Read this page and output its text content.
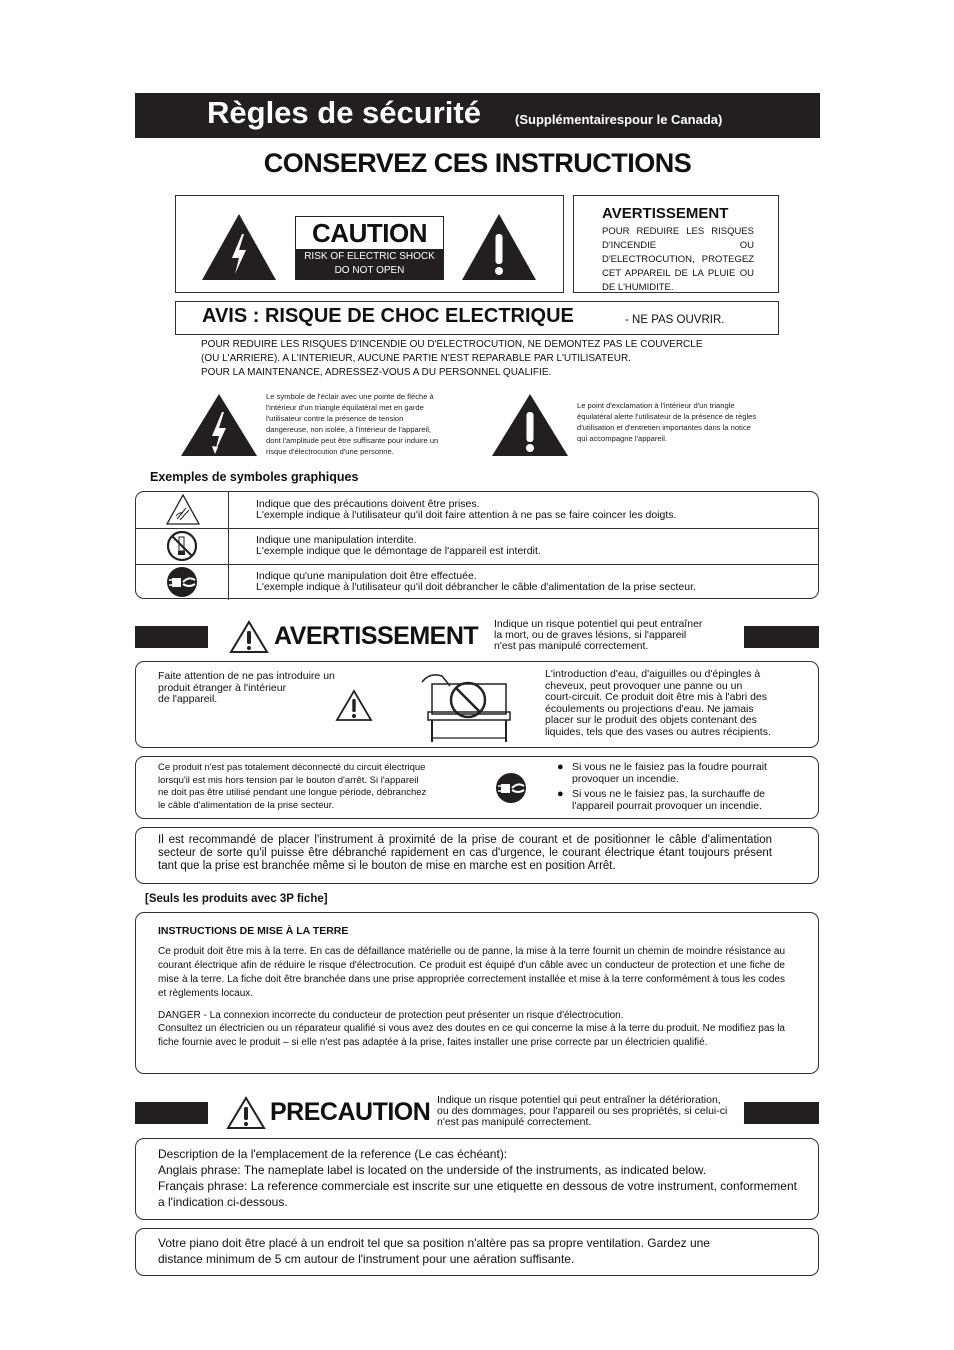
Règles de sécurité	(Supplémentairespour le Canada)
CONSERVEZ CES INSTRUCTIONS
CAUTION
RISK OF ELECTRIC SHOCK
DO NOT OPEN
AVERTISSEMENT
POUR REDUIRE LES RISQUES D'INCENDIE OU D'ELECTROCUTION, PROTEGEZ CET APPAREIL DE LA PLUIE OU DE L'HUMIDITE.
AVIS : RISQUE DE CHOC ELECTRIQUE	- NE PAS OUVRIR.
POUR REDUIRE LES RISQUES D'INCENDIE OU D'ELECTROCUTION, NE DEMONTEZ PAS LE COUVERCLE
(OU L'ARRIERE). A L'INTERIEUR, AUCUNE PARTIE N'EST REPARABLE PAR L'UTILISATEUR.
POUR LA MAINTENANCE, ADRESSEZ-VOUS A DU PERSONNEL QUALIFIE.
Le symbole de l'éclair avec une pointe de flèche à
l'intérieur d'un triangle équilatéral met en garde
l'utilisateur contre la présence de tension
dangereuse, non isolée, à l'intérieur de l'appareil,
dont l'amplitude peut être suffisante pour induire un
risque d'électrocution d'une personne.
Le point d'exclamation à l'intérieur d'un triangle
équilatéral alerte l'utilisateur de la présence de règles
d'utilisation et d'entretien importantes dans la notice
qui accompagne l'appareil.
Exemples de symboles graphiques
Indique que des précautions doivent être prises.
L'exemple indique à l'utilisateur qu'il doit faire attention à ne pas se faire coincer les doigts.
Indique une manipulation interdite.
L'exemple indique que le démontage de l'appareil est interdit.
Indique qu'une manipulation doit être effectuée.
L'exemple indique à l'utilisateur qu'il doit débrancher le câble d'alimentation de la prise secteur.
AVERTISSEMENT Indique un risque potentiel qui peut entraîner
la mort, ou de graves lésions, si l'appareil
n'est pas manipulé correctement.
Faite attention de ne pas introduire un
produit étranger à l'intérieur
de l'appareil.
L'introduction d'eau, d'aiguilles ou d'épingles à
cheveux, peut provoquer une panne ou un
court-circuit. Ce produit doit être mis à l'abri des
écoulements ou projections d'eau. Ne jamais
placer sur le produit des objets contenant des
liquides, tels que des vases ou autres récipients.
Ce produit n'est pas totalement déconnecté du circuit électrique
lorsqu'il est mis hors tension par le bouton d'arrêt. Si l'appareil
ne doit pas être utilisé pendant une longue période, débranchez
le câble d'alimentation de la prise secteur.
● Si vous ne le faisiez pas la foudre pourrait
provoquer un incendie.
● Si vous ne le faisiez pas, la surchauffe de
l'appareil pourrait provoquer un incendie.
Il est recommandé de placer l'instrument à proximité de la prise de courant et de positionner le câble d'alimentation secteur de sorte qu'il puisse être débranché rapidement en cas d'urgence, le courant électrique étant toujours présent tant que la prise est branchée même si le bouton de mise en marche est en position Arrêt.
[Seuls les produits avec 3P fiche]
INSTRUCTIONS DE MISE À LA TERRE
Ce produit doit être mis à la terre. En cas de défaillance matérielle ou de panne, la mise à la terre fournit un chemin de moindre résistance au courant électrique afin de réduire le risque d'électrocution. Ce produit est équipé d'un câble avec un conducteur de protection et une fiche de mise à la terre. La fiche doit être branchée dans une prise appropriée correctement installée et mise à la terre conformément à tous les codes et règlements locaux.
DANGER - La connexion incorrecte du conducteur de protection peut présenter un risque d'électrocution.
Consultez un électricien ou un réparateur qualifié si vous avez des doutes en ce qui concerne la mise à la terre du produit. Ne modifiez pas la fiche fournie avec le produit – si elle n'est pas adaptée à la prise, faites installer une prise correcte par un électricien qualifié.
PRECAUTION Indique un risque potentiel qui peut entraîner la détérioration,
ou des dommages, pour l'appareil ou ses propriétés, si celui-ci
n'est pas manipulé correctement.
Description de la l'emplacement de la reference (Le cas échéant):
Anglais phrase: The nameplate label is located on the underside of the instruments, as indicated below.
Français phrase: La reference commerciale est inscrite sur une etiquette en dessous de votre instrument, conformement
a l'indication ci-dessous.
Votre piano doit être placé à un endroit tel que sa position n'altère pas sa propre ventilation. Gardez une
distance minimum de 5 cm autour de l'instrument pour une aération suffisante.
